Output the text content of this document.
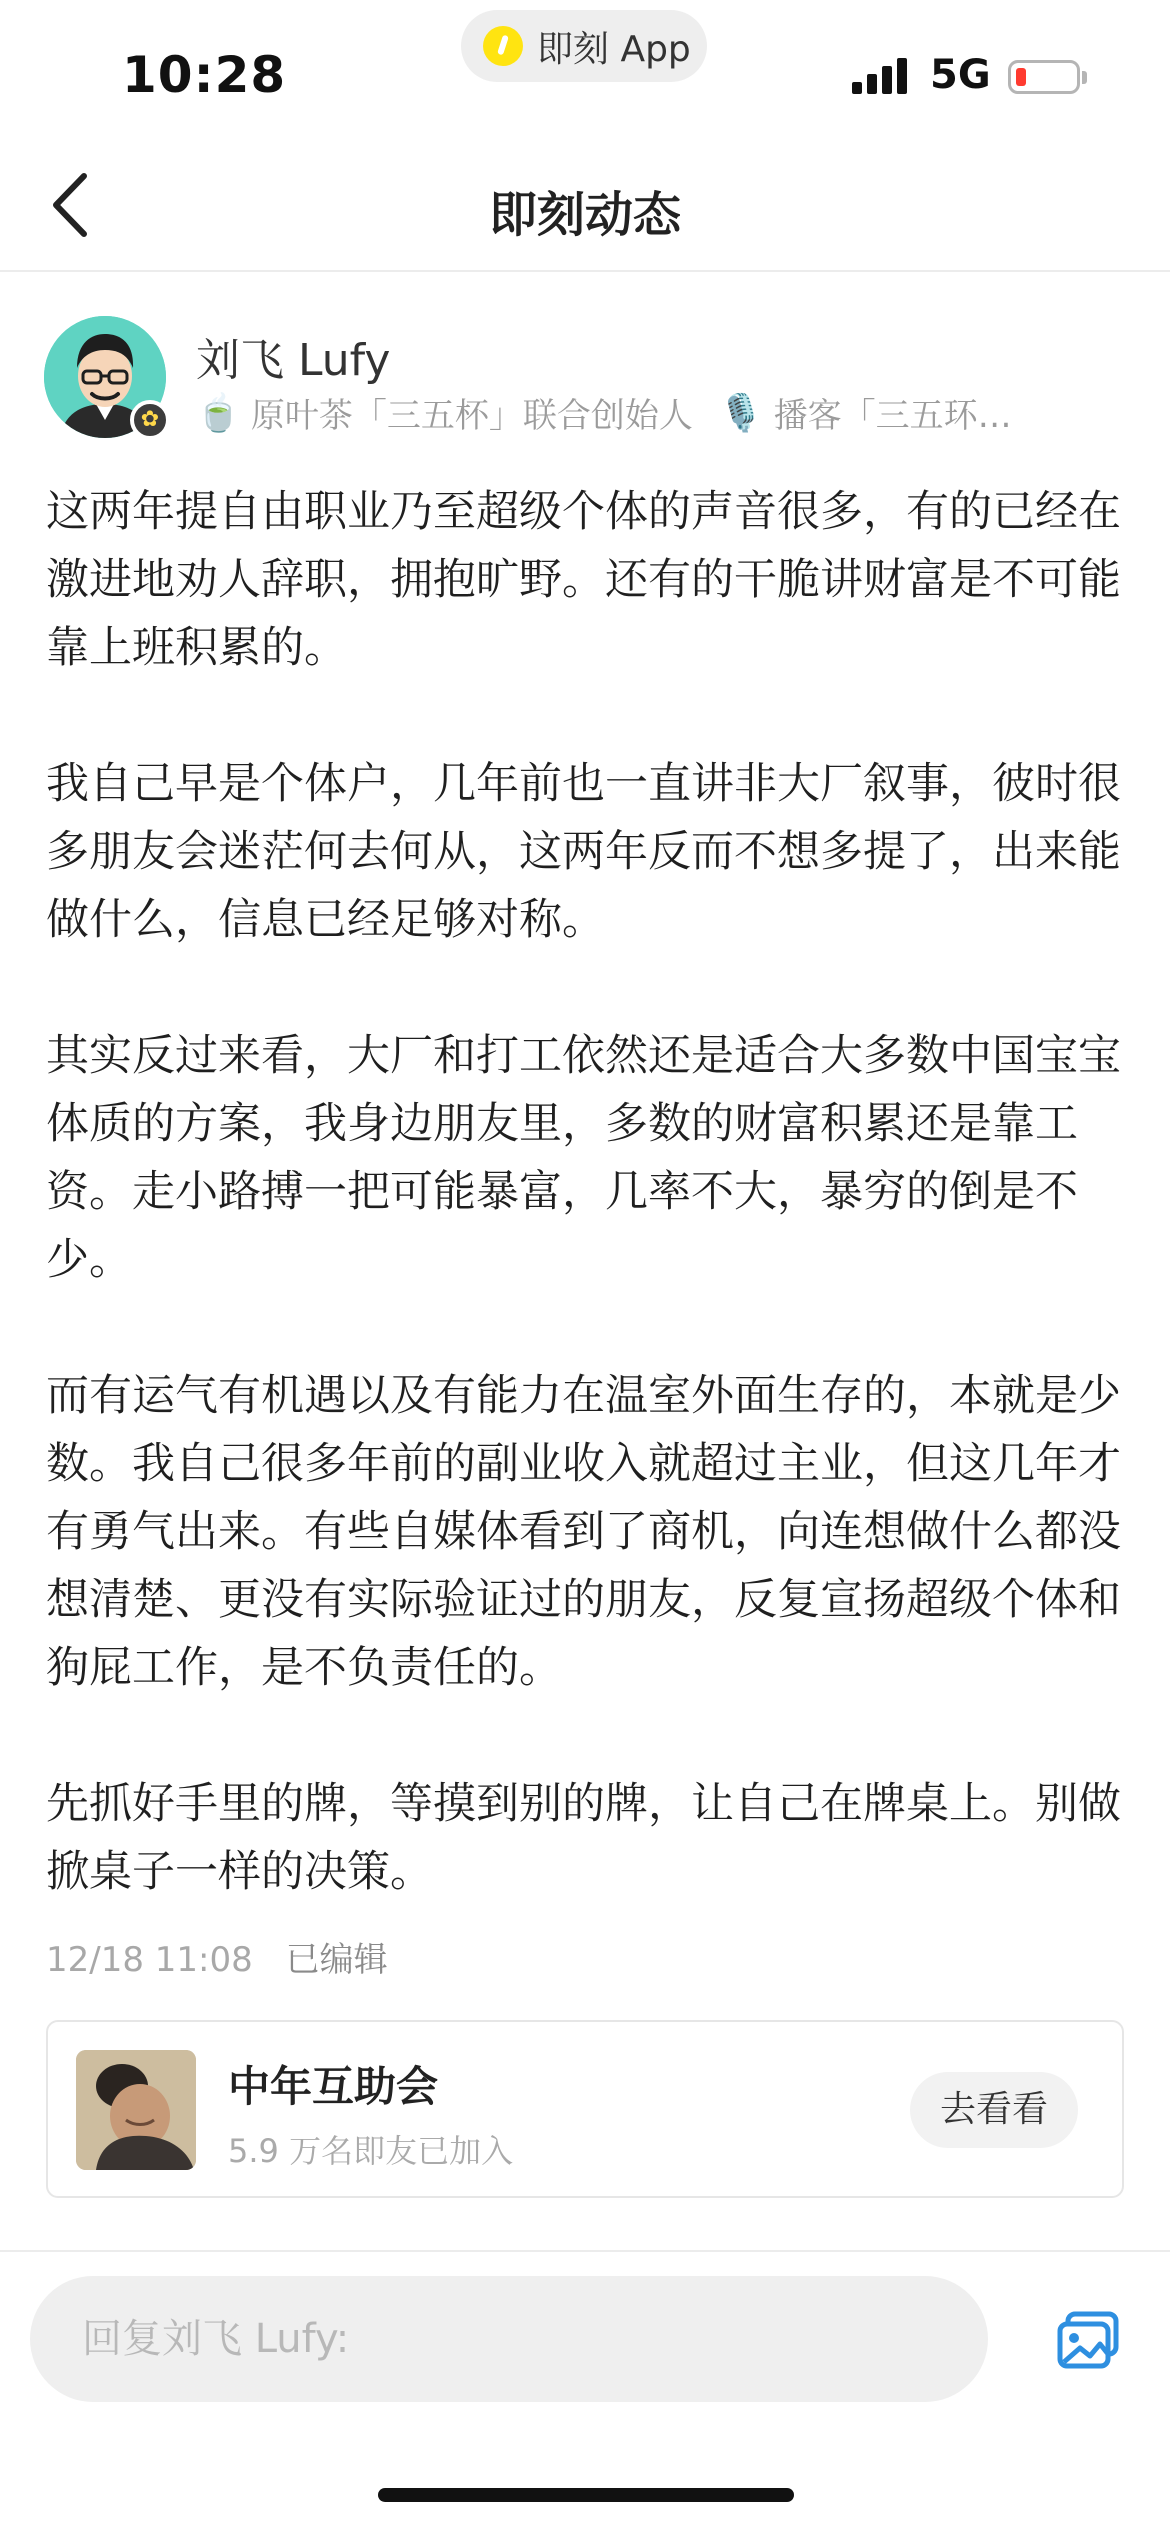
10:28	即刻 App
5G
即刻动态
✿
刘飞 Lufy
🍵 原叶茶「三五杯」联合创始人 🎙️ 播客「三五环…

这两年提自由职业乃至超级个体的声音很多，有的已经在激进地劝人辞职，拥抱旷野。还有的干脆讲财富是不可能靠上班积累的。

我自己早是个体户，几年前也一直讲非大厂叙事，彼时很多朋友会迷茫何去何从，这两年反而不想多提了，出来能做什么，信息已经足够对称。

其实反过来看，大厂和打工依然还是适合大多数中国宝宝体质的方案，我身边朋友里，多数的财富积累还是靠工资。走小路搏一把可能暴富，几率不大，暴穷的倒是不少。

而有运气有机遇以及有能力在温室外面生存的，本就是少数。我自己很多年前的副业收入就超过主业，但这几年才有勇气出来。有些自媒体看到了商机，向连想做什么都没想清楚、更没有实际验证过的朋友，反复宣扬超级个体和狗屁工作，是不负责任的。

先抓好手里的牌，等摸到别的牌，让自己在牌桌上。别做掀桌子一样的决策。

12/18 11:08 已编辑
中年互助会
5.9 万名即友已加入
去看看
回复刘飞 Lufy:
